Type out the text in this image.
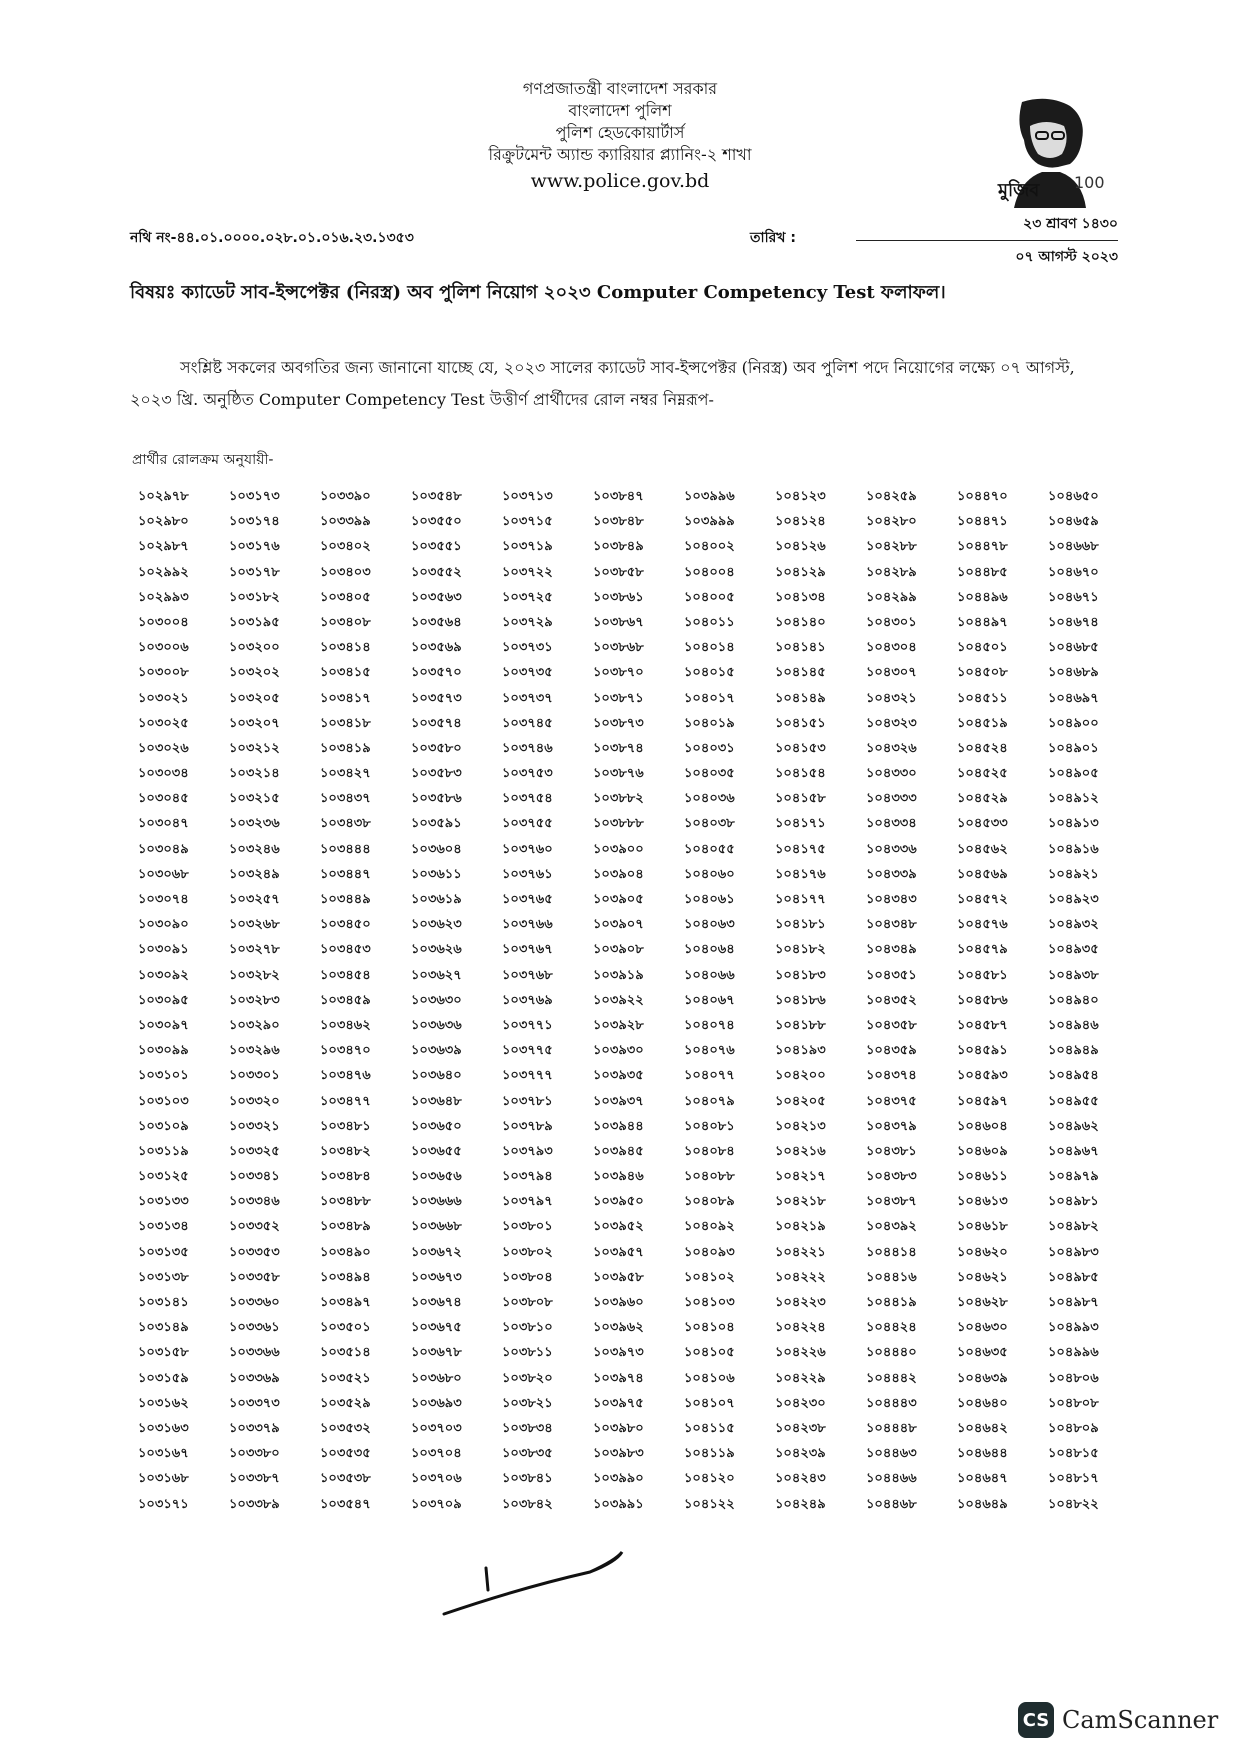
গণপ্রজাতন্ত্রী বাংলাদেশ সরকার
বাংলাদেশ পুলিশ
পুলিশ হেডকোয়ার্টার্স
রিক্রুটমেন্ট অ্যান্ড ক্যারিয়ার প্ল্যানিং-২ শাখা
www.police.gov.bd	মুজিব 100
নথি নং-৪৪.০১.০০০০.০২৮.০১.০১৬.২৩.১৩৫৩	তারিখ :
২৩ শ্রাবণ ১৪৩০
০৭ আগস্ট ২০২৩
বিষয়ঃ ক্যাডেট সাব-ইন্সপেক্টর (নিরস্ত্র) অব পুলিশ নিয়োগ ২০২৩ Computer Competency Test ফলাফল।
সংশ্লিষ্ট সকলের অবগতির জন্য জানানো যাচ্ছে যে, ২০২৩ সালের ক্যাডেট সাব-ইন্সপেক্টর (নিরস্ত্র) অব পুলিশ পদে নিয়োগের লক্ষ্যে ০৭ আগস্ট, ২০২৩ খ্রি. অনুষ্ঠিত Computer Competency Test উত্তীর্ণ প্রার্থীদের রোল নম্বর নিম্নরূপ-
প্রার্থীর রোলক্রম অনুযায়ী-
১০২৯৭৮	১০৩১৭৩	১০৩৩৯০	১০৩৫৪৮	১০৩৭১৩	১০৩৮৪৭	১০৩৯৯৬	১০৪১২৩	১০৪২৫৯	১০৪৪৭০	১০৪৬৫০
১০২৯৮০	১০৩১৭৪	১০৩৩৯৯	১০৩৫৫০	১০৩৭১৫	১০৩৮৪৮	১০৩৯৯৯	১০৪১২৪	১০৪২৮০	১০৪৪৭১	১০৪৬৫৯
১০২৯৮৭	১০৩১৭৬	১০৩৪০২	১০৩৫৫১	১০৩৭১৯	১০৩৮৪৯	১০৪০০২	১০৪১২৬	১০৪২৮৮	১০৪৪৭৮	১০৪৬৬৮
১০২৯৯২	১০৩১৭৮	১০৩৪০৩	১০৩৫৫২	১০৩৭২২	১০৩৮৫৮	১০৪০০৪	১০৪১২৯	১০৪২৮৯	১০৪৪৮৫	১০৪৬৭০
১০২৯৯৩	১০৩১৮২	১০৩৪০৫	১০৩৫৬৩	১০৩৭২৫	১০৩৮৬১	১০৪০০৫	১০৪১৩৪	১০৪২৯৯	১০৪৪৯৬	১০৪৬৭১
১০৩০০৪	১০৩১৯৫	১০৩৪০৮	১০৩৫৬৪	১০৩৭২৯	১০৩৮৬৭	১০৪০১১	১০৪১৪০	১০৪৩০১	১০৪৪৯৭	১০৪৬৭৪
১০৩০০৬	১০৩২০০	১০৩৪১৪	১০৩৫৬৯	১০৩৭৩১	১০৩৮৬৮	১০৪০১৪	১০৪১৪১	১০৪৩০৪	১০৪৫০১	১০৪৬৮৫
১০৩০০৮	১০৩২০২	১০৩৪১৫	১০৩৫৭০	১০৩৭৩৫	১০৩৮৭০	১০৪০১৫	১০৪১৪৫	১০৪৩০৭	১০৪৫০৮	১০৪৬৮৯
১০৩০২১	১০৩২০৫	১০৩৪১৭	১০৩৫৭৩	১০৩৭৩৭	১০৩৮৭১	১০৪০১৭	১০৪১৪৯	১০৪৩২১	১০৪৫১১	১০৪৬৯৭
১০৩০২৫	১০৩২০৭	১০৩৪১৮	১০৩৫৭৪	১০৩৭৪৫	১০৩৮৭৩	১০৪০১৯	১০৪১৫১	১০৪৩২৩	১০৪৫১৯	১০৪৯০০
১০৩০২৬	১০৩২১২	১০৩৪১৯	১০৩৫৮০	১০৩৭৪৬	১০৩৮৭৪	১০৪০৩১	১০৪১৫৩	১০৪৩২৬	১০৪৫২৪	১০৪৯০১
১০৩০৩৪	১০৩২১৪	১০৩৪২৭	১০৩৫৮৩	১০৩৭৫৩	১০৩৮৭৬	১০৪০৩৫	১০৪১৫৪	১০৪৩৩০	১০৪৫২৫	১০৪৯০৫
১০৩০৪৫	১০৩২১৫	১০৩৪৩৭	১০৩৫৮৬	১০৩৭৫৪	১০৩৮৮২	১০৪০৩৬	১০৪১৫৮	১০৪৩৩৩	১০৪৫২৯	১০৪৯১২
১০৩০৪৭	১০৩২৩৬	১০৩৪৩৮	১০৩৫৯১	১০৩৭৫৫	১০৩৮৮৮	১০৪০৩৮	১০৪১৭১	১০৪৩৩৪	১০৪৫৩৩	১০৪৯১৩
১০৩০৪৯	১০৩২৪৬	১০৩৪৪৪	১০৩৬০৪	১০৩৭৬০	১০৩৯০০	১০৪০৫৫	১০৪১৭৫	১০৪৩৩৬	১০৪৫৬২	১০৪৯১৬
১০৩০৬৮	১০৩২৪৯	১০৩৪৪৭	১০৩৬১১	১০৩৭৬১	১০৩৯০৪	১০৪০৬০	১০৪১৭৬	১০৪৩৩৯	১০৪৫৬৯	১০৪৯২১
১০৩০৭৪	১০৩২৫৭	১০৩৪৪৯	১০৩৬১৯	১০৩৭৬৫	১০৩৯০৫	১০৪০৬১	১০৪১৭৭	১০৪৩৪৩	১০৪৫৭২	১০৪৯২৩
১০৩০৯০	১০৩২৬৮	১০৩৪৫০	১০৩৬২৩	১০৩৭৬৬	১০৩৯০৭	১০৪০৬৩	১০৪১৮১	১০৪৩৪৮	১০৪৫৭৬	১০৪৯৩২
১০৩০৯১	১০৩২৭৮	১০৩৪৫৩	১০৩৬২৬	১০৩৭৬৭	১০৩৯০৮	১০৪০৬৪	১০৪১৮২	১০৪৩৪৯	১০৪৫৭৯	১০৪৯৩৫
১০৩০৯২	১০৩২৮২	১০৩৪৫৪	১০৩৬২৭	১০৩৭৬৮	১০৩৯১৯	১০৪০৬৬	১০৪১৮৩	১০৪৩৫১	১০৪৫৮১	১০৪৯৩৮
১০৩০৯৫	১০৩২৮৩	১০৩৪৫৯	১০৩৬৩০	১০৩৭৬৯	১০৩৯২২	১০৪০৬৭	১০৪১৮৬	১০৪৩৫২	১০৪৫৮৬	১০৪৯৪০
১০৩০৯৭	১০৩২৯০	১০৩৪৬২	১০৩৬৩৬	১০৩৭৭১	১০৩৯২৮	১০৪০৭৪	১০৪১৮৮	১০৪৩৫৮	১০৪৫৮৭	১০৪৯৪৬
১০৩০৯৯	১০৩২৯৬	১০৩৪৭০	১০৩৬৩৯	১০৩৭৭৫	১০৩৯৩০	১০৪০৭৬	১০৪১৯৩	১০৪৩৫৯	১০৪৫৯১	১০৪৯৪৯
১০৩১০১	১০৩৩০১	১০৩৪৭৬	১০৩৬৪০	১০৩৭৭৭	১০৩৯৩৫	১০৪০৭৭	১০৪২০০	১০৪৩৭৪	১০৪৫৯৩	১০৪৯৫৪
১০৩১০৩	১০৩৩২০	১০৩৪৭৭	১০৩৬৪৮	১০৩৭৮১	১০৩৯৩৭	১০৪০৭৯	১০৪২০৫	১০৪৩৭৫	১০৪৫৯৭	১০৪৯৫৫
১০৩১০৯	১০৩৩২১	১০৩৪৮১	১০৩৬৫০	১০৩৭৮৯	১০৩৯৪৪	১০৪০৮১	১০৪২১৩	১০৪৩৭৯	১০৪৬০৪	১০৪৯৬২
১০৩১১৯	১০৩৩২৫	১০৩৪৮২	১০৩৬৫৫	১০৩৭৯৩	১০৩৯৪৫	১০৪০৮৪	১০৪২১৬	১০৪৩৮১	১০৪৬০৯	১০৪৯৬৭
১০৩১২৫	১০৩৩৪১	১০৩৪৮৪	১০৩৬৫৬	১০৩৭৯৪	১০৩৯৪৬	১০৪০৮৮	১০৪২১৭	১০৪৩৮৩	১০৪৬১১	১০৪৯৭৯
১০৩১৩৩	১০৩৩৪৬	১০৩৪৮৮	১০৩৬৬৬	১০৩৭৯৭	১০৩৯৫০	১০৪০৮৯	১০৪২১৮	১০৪৩৮৭	১০৪৬১৩	১০৪৯৮১
১০৩১৩৪	১০৩৩৫২	১০৩৪৮৯	১০৩৬৬৮	১০৩৮০১	১০৩৯৫২	১০৪০৯২	১০৪২১৯	১০৪৩৯২	১০৪৬১৮	১০৪৯৮২
১০৩১৩৫	১০৩৩৫৩	১০৩৪৯০	১০৩৬৭২	১০৩৮০২	১০৩৯৫৭	১০৪০৯৩	১০৪২২১	১০৪৪১৪	১০৪৬২০	১০৪৯৮৩
১০৩১৩৮	১০৩৩৫৮	১০৩৪৯৪	১০৩৬৭৩	১০৩৮০৪	১০৩৯৫৮	১০৪১০২	১০৪২২২	১০৪৪১৬	১০৪৬২১	১০৪৯৮৫
১০৩১৪১	১০৩৩৬০	১০৩৪৯৭	১০৩৬৭৪	১০৩৮০৮	১০৩৯৬০	১০৪১০৩	১০৪২২৩	১০৪৪১৯	১০৪৬২৮	১০৪৯৮৭
১০৩১৪৯	১০৩৩৬১	১০৩৫০১	১০৩৬৭৫	১০৩৮১০	১০৩৯৬২	১০৪১০৪	১০৪২২৪	১০৪৪২৪	১০৪৬৩০	১০৪৯৯৩
১০৩১৫৮	১০৩৩৬৬	১০৩৫১৪	১০৩৬৭৮	১০৩৮১১	১০৩৯৭৩	১০৪১০৫	১০৪২২৬	১০৪৪৪০	১০৪৬৩৫	১০৪৯৯৬
১০৩১৫৯	১০৩৩৬৯	১০৩৫২১	১০৩৬৮০	১০৩৮২০	১০৩৯৭৪	১০৪১০৬	১০৪২২৯	১০৪৪৪২	১০৪৬৩৯	১০৪৮০৬
১০৩১৬২	১০৩৩৭৩	১০৩৫২৯	১০৩৬৯৩	১০৩৮২১	১০৩৯৭৫	১০৪১০৭	১০৪২৩০	১০৪৪৪৩	১০৪৬৪০	১০৪৮০৮
১০৩১৬৩	১০৩৩৭৯	১০৩৫৩২	১০৩৭০৩	১০৩৮৩৪	১০৩৯৮০	১০৪১১৫	১০৪২৩৮	১০৪৪৪৮	১০৪৬৪২	১০৪৮০৯
১০৩১৬৭	১০৩৩৮০	১০৩৫৩৫	১০৩৭০৪	১০৩৮৩৫	১০৩৯৮৩	১০৪১১৯	১০৪২৩৯	১০৪৪৬৩	১০৪৬৪৪	১০৪৮১৫
১০৩১৬৮	১০৩৩৮৭	১০৩৫৩৮	১০৩৭০৬	১০৩৮৪১	১০৩৯৯০	১০৪১২০	১০৪২৪৩	১০৪৪৬৬	১০৪৬৪৭	১০৪৮১৭
১০৩১৭১	১০৩৩৮৯	১০৩৫৪৭	১০৩৭০৯	১০৩৮৪২	১০৩৯৯১	১০৪১২২	১০৪২৪৯	১০৪৪৬৮	১০৪৬৪৯	১০৪৮২২
CS CamScanner
